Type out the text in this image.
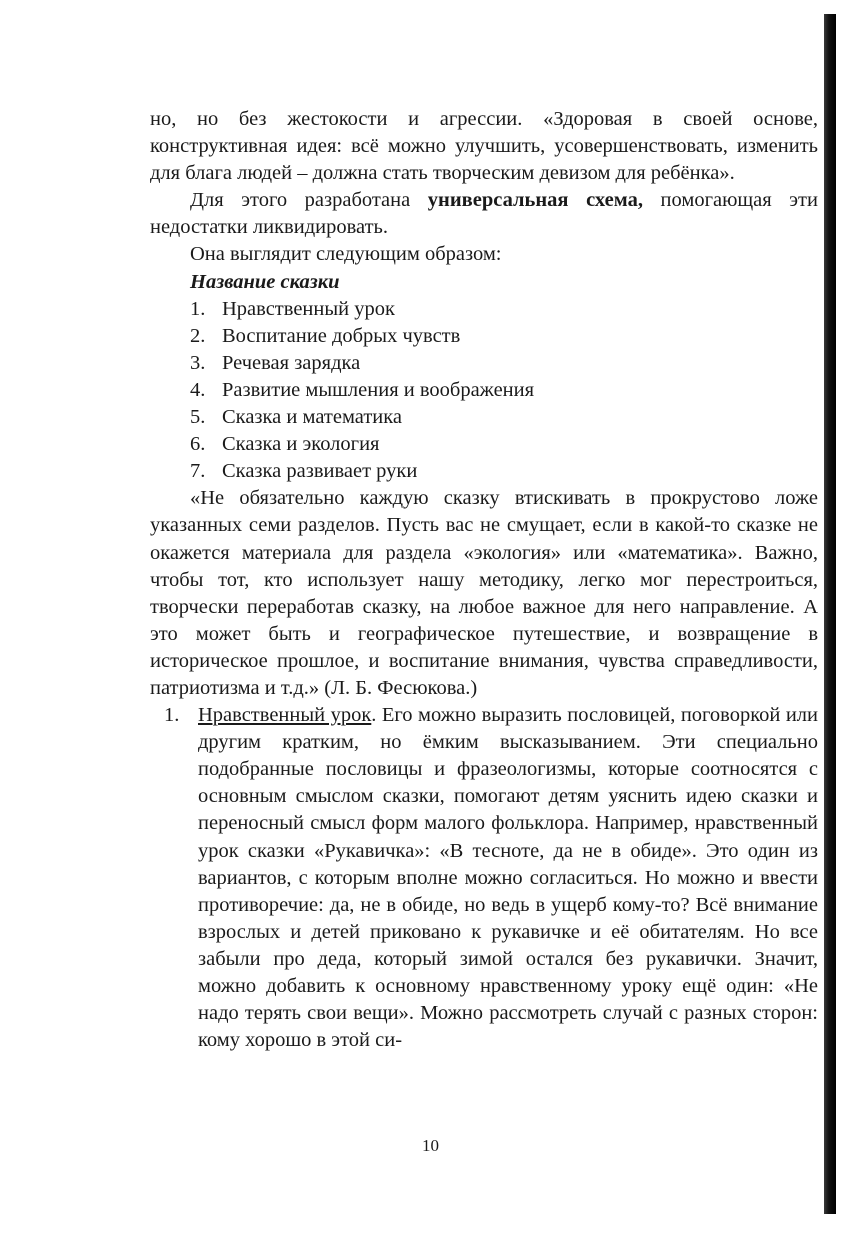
но, но без жестокости и агрессии. «Здоровая в своей основе, конструктивная идея: всё можно улучшить, усовершенствовать, изменить для блага людей – должна стать творческим девизом для ребёнка».

Для этого разработана универсальная схема, помогающая эти недостатки ликвидировать.

Она выглядит следующим образом:

Название сказки

1. Нравственный урок
2. Воспитание добрых чувств
3. Речевая зарядка
4. Развитие мышления и воображения
5. Сказка и математика
6. Сказка и экология
7. Сказка развивает руки

«Не обязательно каждую сказку втискивать в прокрустово ложе указанных семи разделов. Пусть вас не смущает, если в какой-то сказке не окажется материала для раздела «экология» или «математика». Важно, чтобы тот, кто использует нашу методику, легко мог перестроиться, творчески переработав сказку, на любое важное для него направление. А это может быть и географическое путешествие, и возвращение в историческое прошлое, и воспитание внимания, чувства справедливости, патриотизма и т.д.» (Л. Б. Фесюкова.)

1. Нравственный урок. Его можно выразить пословицей, поговоркой или другим кратким, но ёмким высказыванием. Эти специально подобранные пословицы и фразеологизмы, которые соотносятся с основным смыслом сказки, помогают детям уяснить идею сказки и переносный смысл форм малого фольклора. Например, нравственный урок сказки «Рукавичка»: «В тесноте, да не в обиде». Это один из вариантов, с которым вполне можно согласиться. Но можно и ввести противоречие: да, не в обиде, но ведь в ущерб кому-то? Всё внимание взрослых и детей приковано к рукавичке и её обитателям. Но все забыли про деда, который зимой остался без рукавички. Значит, можно добавить к основному нравственному уроку ещё один: «Не надо терять свои вещи». Можно рассмотреть случай с разных сторон: кому хорошо в этой си-

10
